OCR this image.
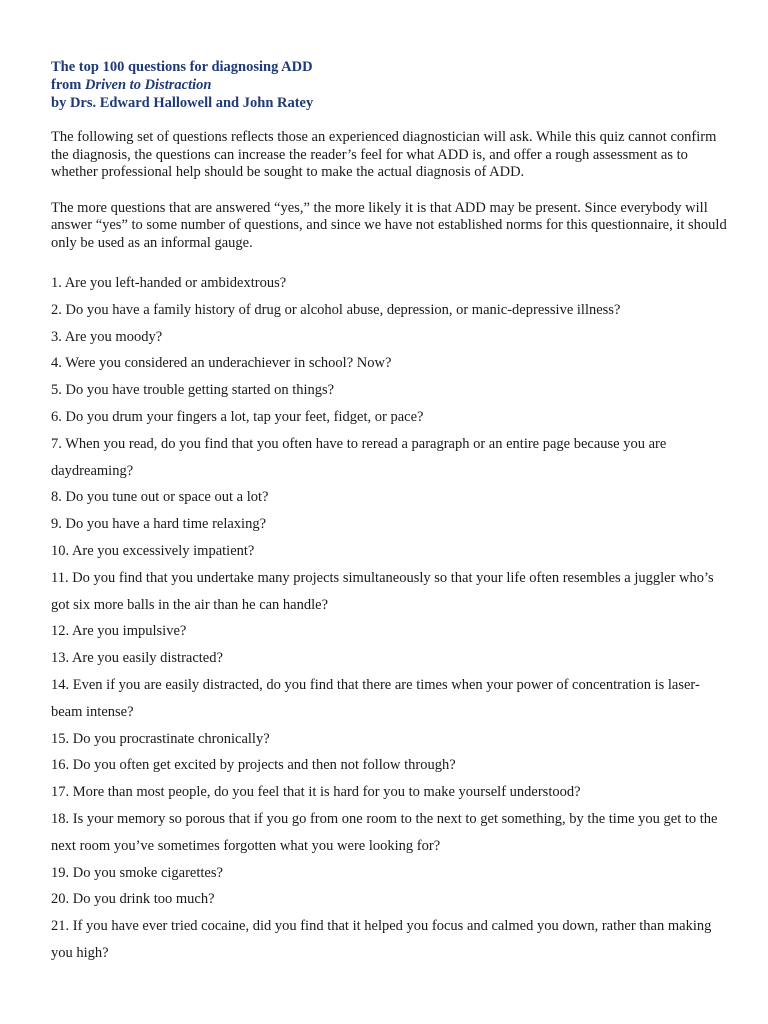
The top 100 questions for diagnosing ADD
from Driven to Distraction
by Drs. Edward Hallowell and John Ratey

The following set of questions reflects those an experienced diagnostician will ask. While this quiz cannot confirm the diagnosis, the questions can increase the reader’s feel for what ADD is, and offer a rough assessment as to whether professional help should be sought to make the actual diagnosis of ADD.

The more questions that are answered “yes,” the more likely it is that ADD may be present. Since everybody will answer “yes” to some number of questions, and since we have not established norms for this questionnaire, it should only be used as an informal gauge.

1. Are you left-handed or ambidextrous?
2. Do you have a family history of drug or alcohol abuse, depression, or manic-depressive illness?
3. Are you moody?
4. Were you considered an underachiever in school? Now?
5. Do you have trouble getting started on things?
6. Do you drum your fingers a lot, tap your feet, fidget, or pace?
7. When you read, do you find that you often have to reread a paragraph or an entire page because you are daydreaming?
8. Do you tune out or space out a lot?
9. Do you have a hard time relaxing?
10. Are you excessively impatient?
11. Do you find that you undertake many projects simultaneously so that your life often resembles a juggler who’s got six more balls in the air than he can handle?
12. Are you impulsive?
13. Are you easily distracted?
14. Even if you are easily distracted, do you find that there are times when your power of concentration is laser-beam intense?
15. Do you procrastinate chronically?
16. Do you often get excited by projects and then not follow through?
17. More than most people, do you feel that it is hard for you to make yourself understood?
18. Is your memory so porous that if you go from one room to the next to get something, by the time you get to the next room you’ve sometimes forgotten what you were looking for?
19. Do you smoke cigarettes?
20. Do you drink too much?
21. If you have ever tried cocaine, did you find that it helped you focus and calmed you down, rather than making you high?
